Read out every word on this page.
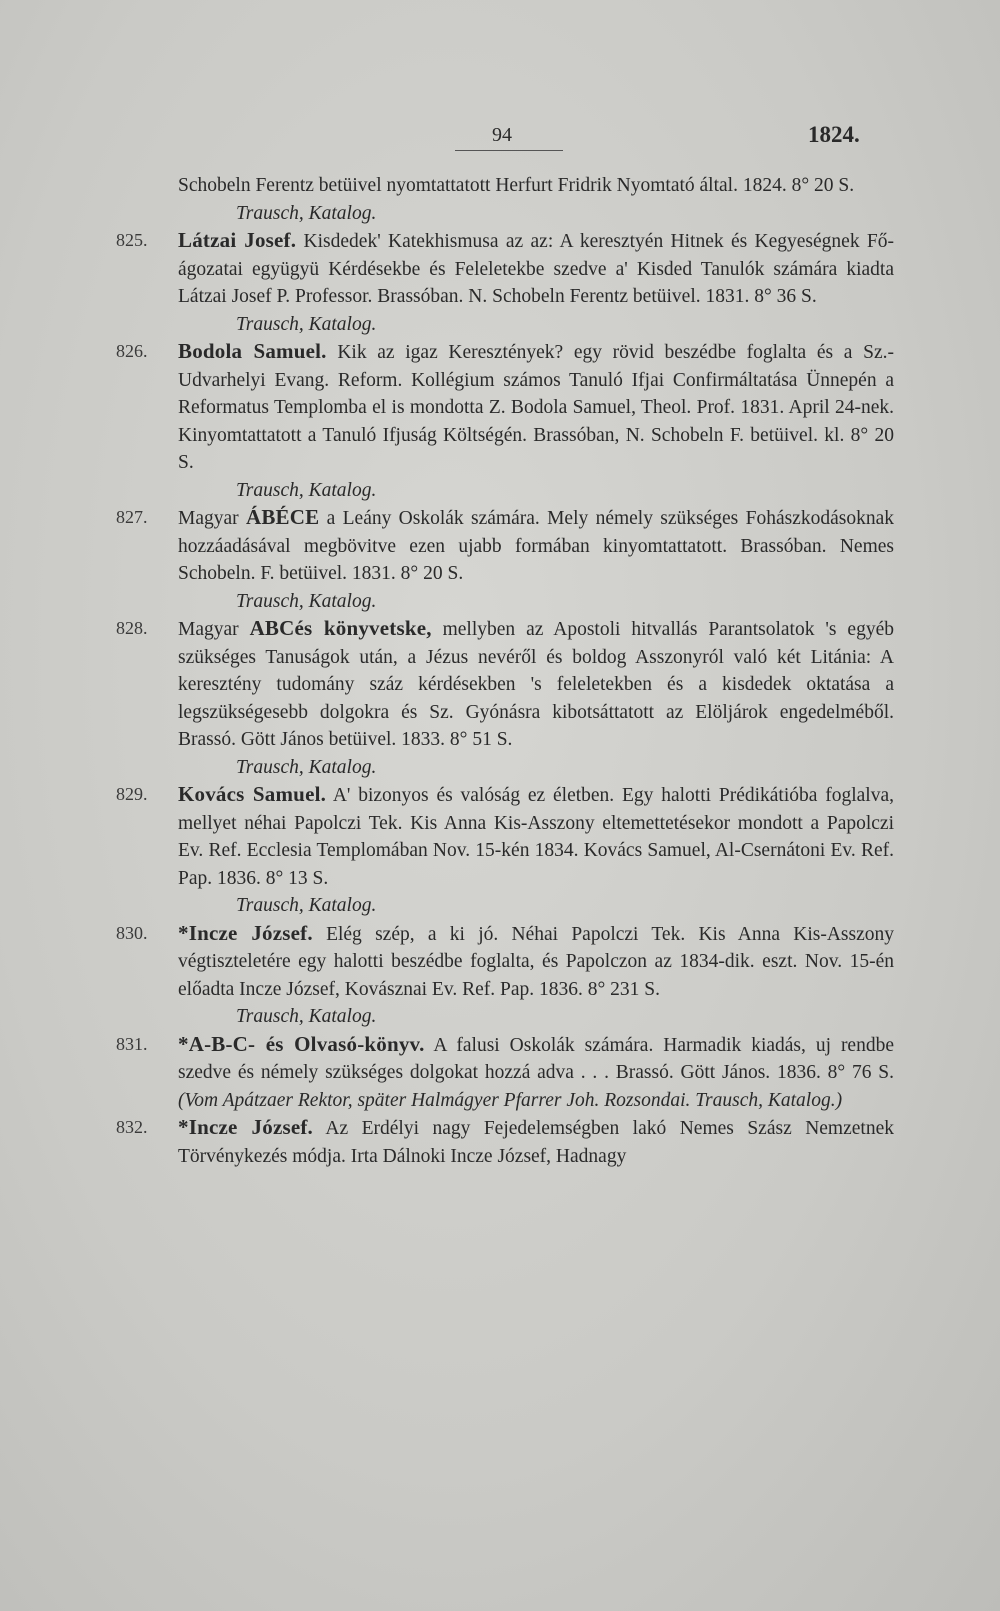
94	1824.
Schobeln Ferentz betüivel nyomtattatott Herfurt Fridrik Nyomtató által. 1824. 8° 20 S.
Trausch, Katalog.
825.	Látzai Josef. Kisdedek' Katekhismusa az az: A keresztyén Hitnek és Kegyeségnek Fő-ágozatai együgyü Kérdésekbe és Feleletekbe szedve a' Kisded Tanulók számára kiadta Látzai Josef P. Professor. Brassóban. N. Schobeln Ferentz betüivel. 1831. 8° 36 S.
Trausch, Katalog.
826.	Bodola Samuel. Kik az igaz Keresztények? egy rövid beszédbe foglalta és a Sz.-Udvarhelyi Evang. Reform. Kollégium számos Tanuló Ifjai Confirmáltatása Ünnepén a Reformatus Templomba el is mondotta Z. Bodola Samuel, Theol. Prof. 1831. April 24-nek. Kinyomtattatott a Tanuló Ifjuság Költségén. Brassóban, N. Schobeln F. betüivel. kl. 8° 20 S.
Trausch, Katalog.
827.	Magyar ÁBÉCE a Leány Oskolák számára. Mely némely szükséges Fohászkodásoknak hozzáadásával megbövitve ezen ujabb formában kinyomtattatott. Brassóban. Nemes Schobeln. F. betüivel. 1831. 8° 20 S.
Trausch, Katalog.
828.	Magyar ABCés könyvetske, mellyben az Apostoli hitvallás Parantsolatok 's egyéb szükséges Tanuságok után, a Jézus nevéről és boldog Asszonyról való két Litánia: A keresztény tudomány száz kérdésekben 's feleletekben és a kisdedek oktatása a legszükségesebb dolgokra és Sz. Gyónásra kibotsáttatott az Elöljárok engedelméből. Brassó. Gött János betüivel. 1833. 8° 51 S.
Trausch, Katalog.
829.	Kovács Samuel. A' bizonyos és valóság ez életben. Egy halotti Prédikátióba foglalva, mellyet néhai Papolczi Tek. Kis Anna Kis-Asszony eltemettetésekor mondott a Papolczi Ev. Ref. Ecclesia Templomában Nov. 15-kén 1834. Kovács Samuel, Al-Csernátoni Ev. Ref. Pap. 1836. 8° 13 S.
Trausch, Katalog.
830.	*Incze József. Elég szép, a ki jó. Néhai Papolczi Tek. Kis Anna Kis-Asszony végtiszteletére egy halotti beszédbe foglalta, és Papolczon az 1834-dik. eszt. Nov. 15-én előadta Incze József, Kovásznai Ev. Ref. Pap. 1836. 8° 231 S.
Trausch, Katalog.
831.	*A-B-C- és Olvasó-könyv. A falusi Oskolák számára. Harmadik kiadás, uj rendbe szedve és némely szükséges dolgokat hozzá adva . . . Brassó. Gött János. 1836. 8° 76 S. (Vom Apátzaer Rektor, später Halmágyer Pfarrer Joh. Rozsondai. Trausch, Katalog.)
832.	*Incze József. Az Erdélyi nagy Fejedelemségben lakó Nemes Szász Nemzetnek Törvénykezés módja. Irta Dálnoki Incze József, Hadnagy
